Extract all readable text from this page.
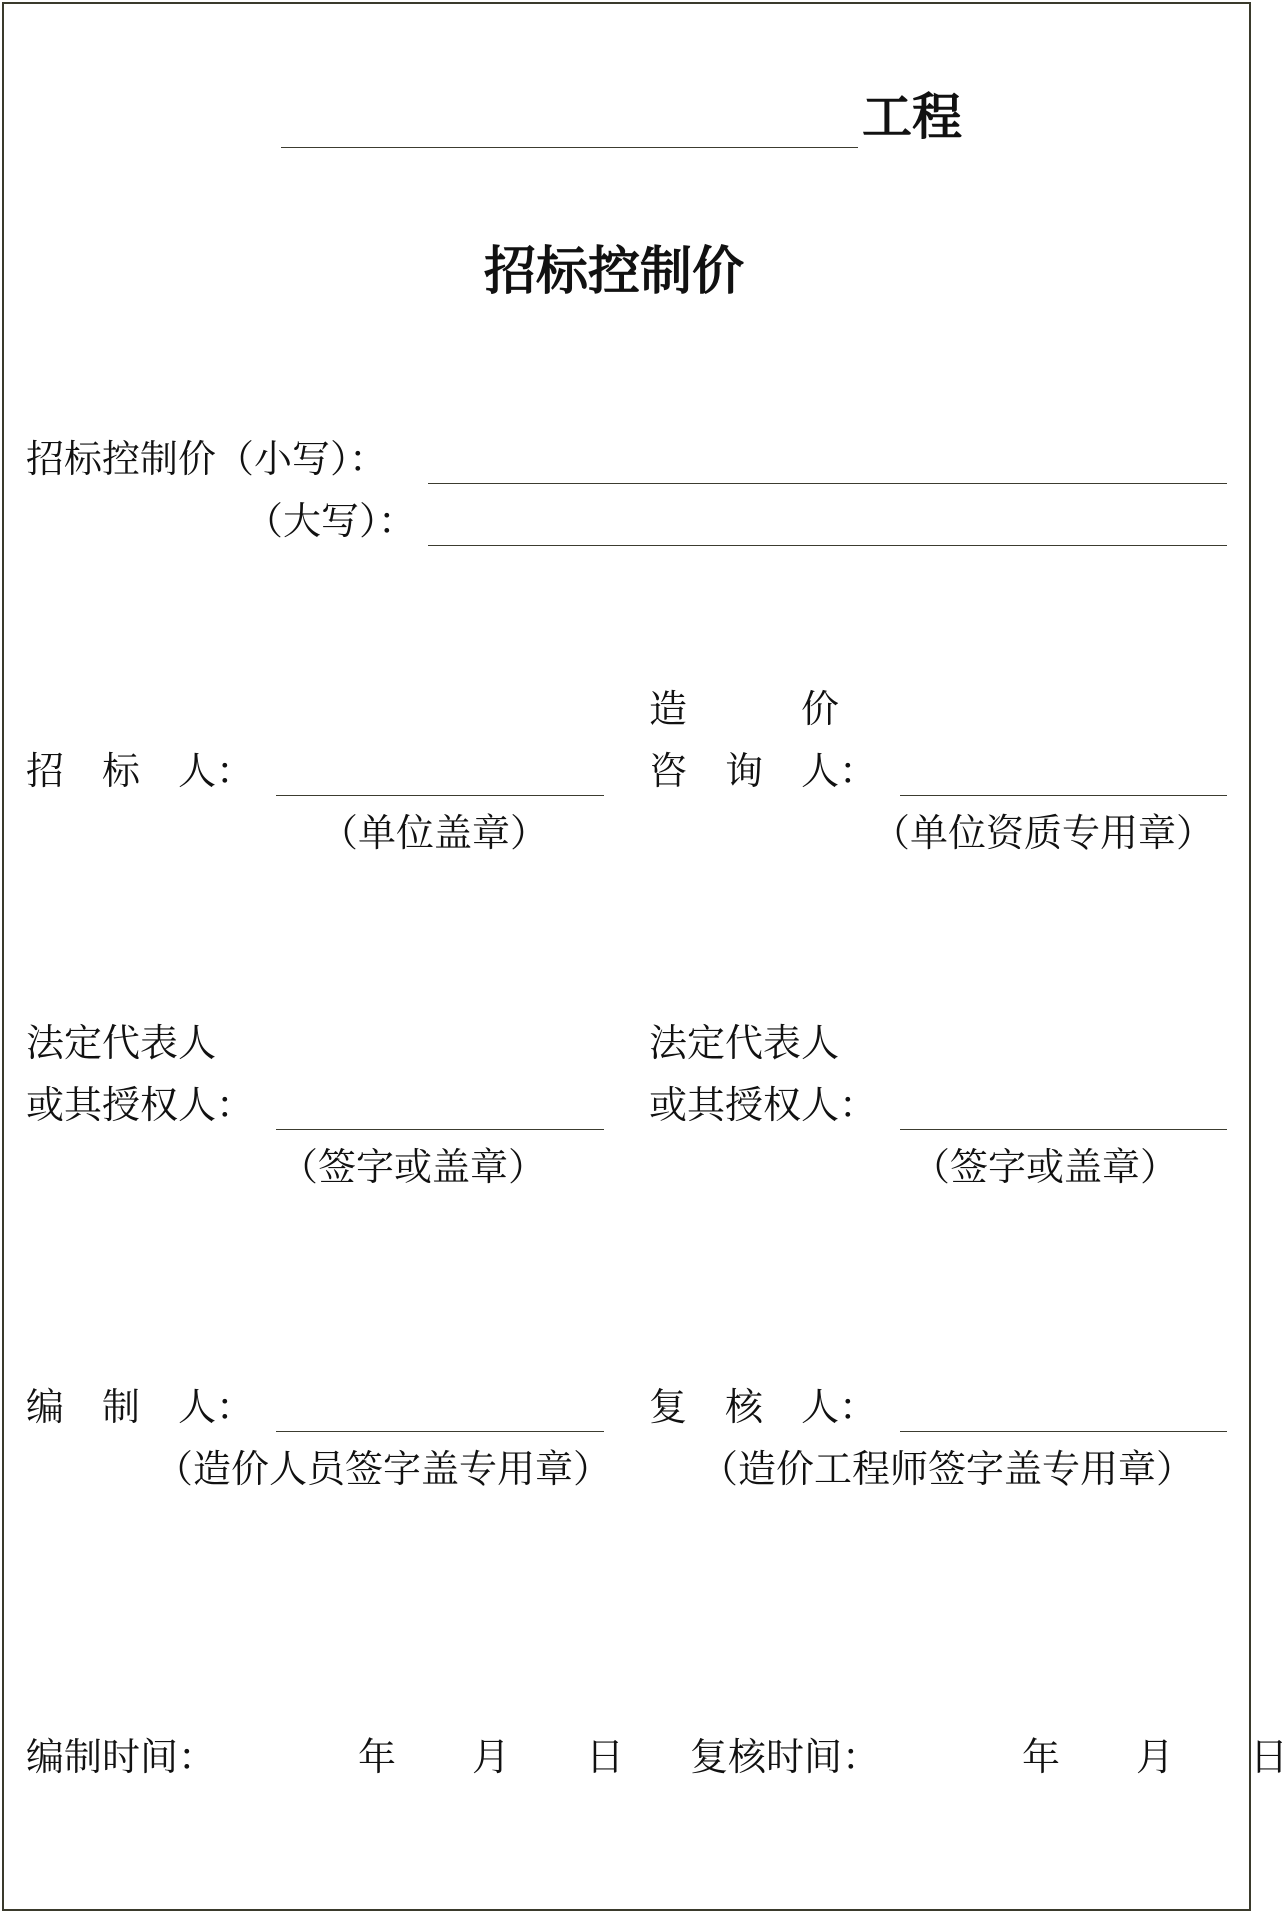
工程
招标控制价
招标控制价（小写）：
（大写）：
造　　　价
招　标　人：	咨　询　人：
（单位盖章）	（单位资质专用章）
法定代表人	法定代表人
或其授权人：	或其授权人：
（签字或盖章）	（签字或盖章）
编　制　人：	复　核　人：
（造价人员签字盖专用章） （造价工程师签字盖专用章）
编制时间：	年　　月　　日 复核时间：	年　　月　　日
